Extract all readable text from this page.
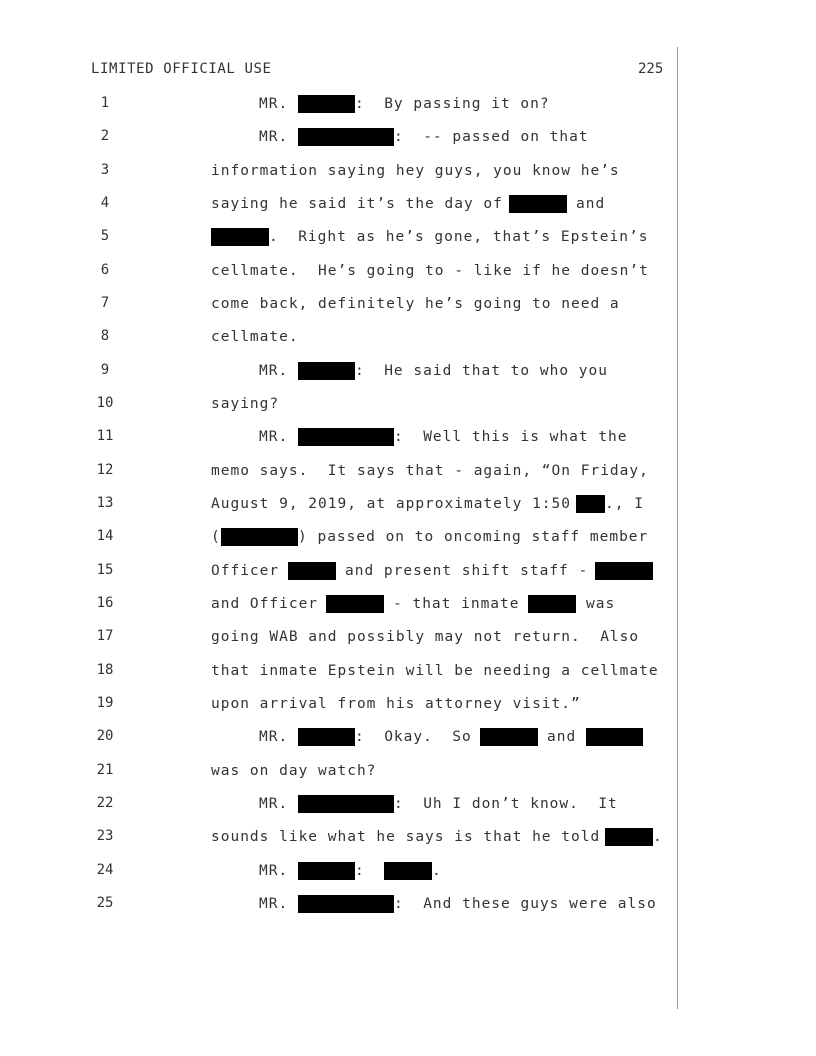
LIMITED OFFICIAL USE	225
1
2
3
4
5
6
7
8
9
10
11
12
13
14
15
16
17
18
19
20
21
22
23
24
25
MR.	:  By passing it on?
MR.	:  -- passed on that
information saying hey guys, you know he’s
saying he said it’s the day of	and
.  Right as he’s gone, that’s Epstein’s
cellmate.  He’s going to - like if he doesn’t
come back, definitely he’s going to need a
cellmate.
MR.	:  He said that to who you
saying?
MR.	:  Well this is what the
memo says.  It says that - again, “On Friday,
August 9, 2019, at approximately 1:50 ., I
(	) passed on to oncoming staff member
Officer	and present shift staff -
and Officer	- that inmate	was
going WAB and possibly may not return.  Also
that inmate Epstein will be needing a cellmate
upon arrival from his attorney visit.”
MR.	:  Okay.  So	and
was on day watch?
MR.	:  Uh I don’t know.  It
sounds like what he says is that he told	.
MR.	:	.
MR.	:  And these guys were also
